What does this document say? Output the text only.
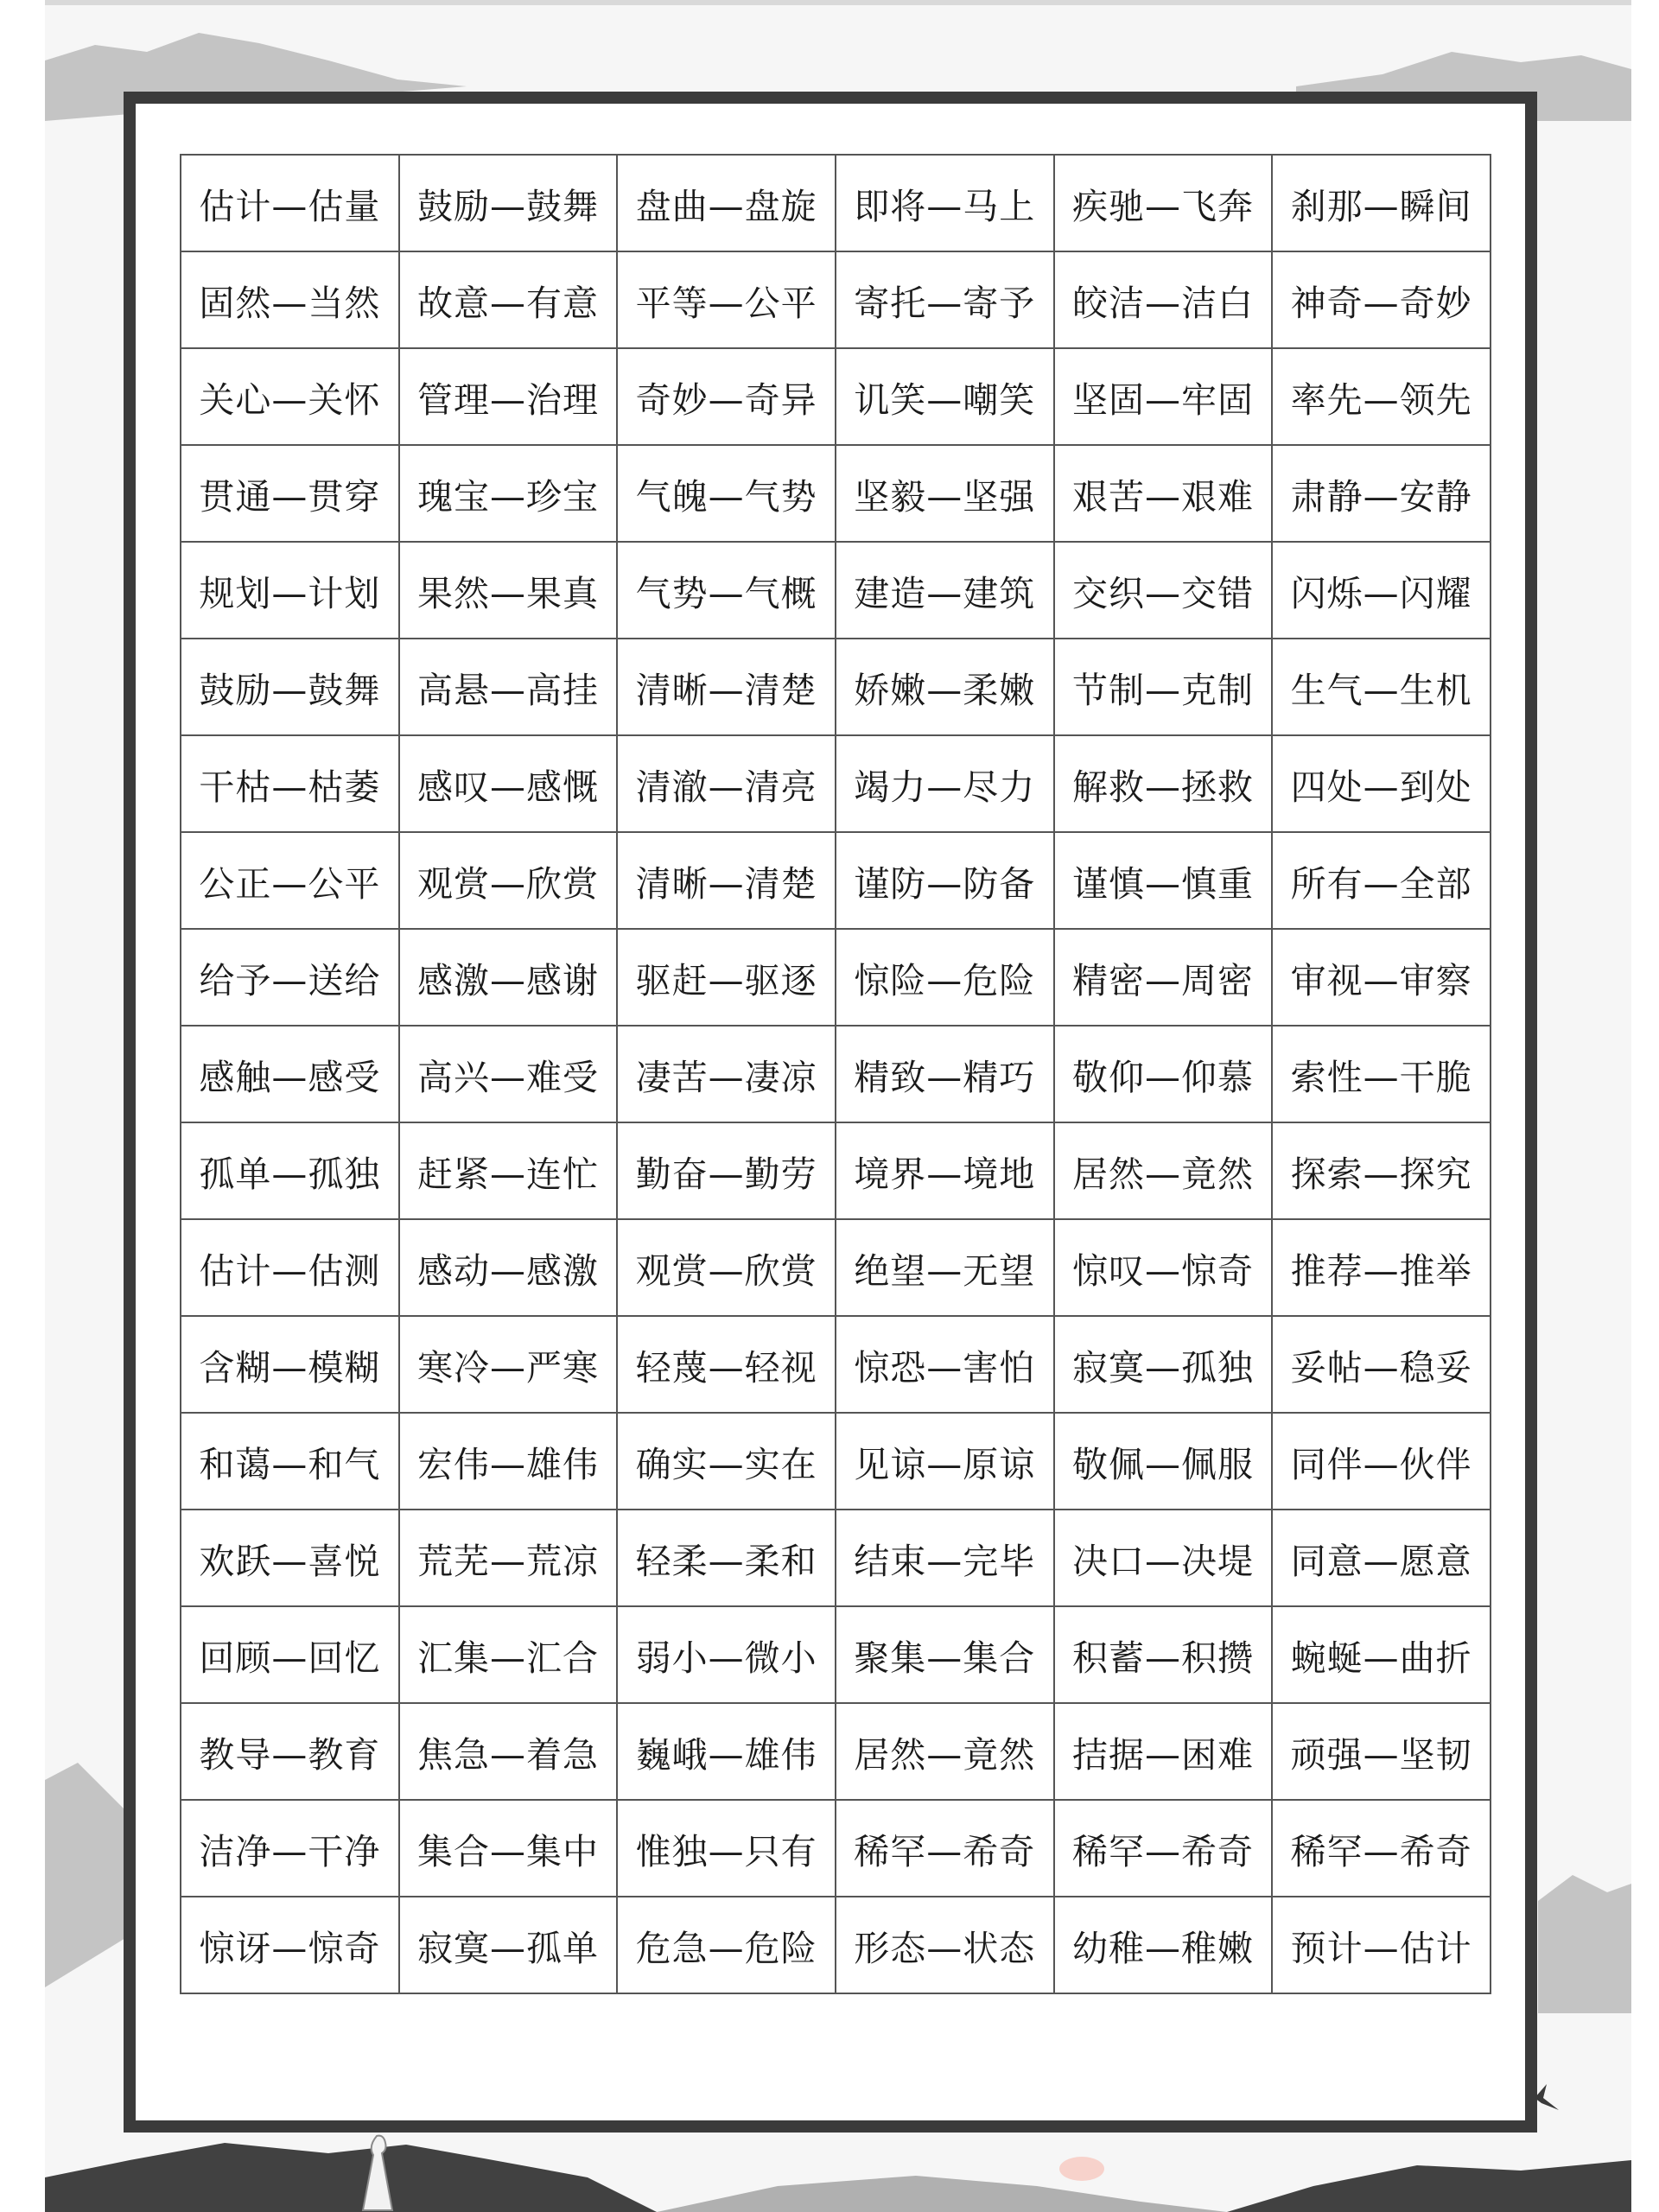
估计—估量	鼓励—鼓舞	盘曲—盘旋	即将—马上	疾驰—飞奔	刹那—瞬间
固然—当然	故意—有意	平等—公平	寄托—寄予	皎洁—洁白	神奇—奇妙
关心—关怀	管理—治理	奇妙—奇异	讥笑—嘲笑	坚固—牢固	率先—领先
贯通—贯穿	瑰宝—珍宝	气魄—气势	坚毅—坚强	艰苦—艰难	肃静—安静
规划—计划	果然—果真	气势—气概	建造—建筑	交织—交错	闪烁—闪耀
鼓励—鼓舞	高悬—高挂	清晰—清楚	娇嫩—柔嫩	节制—克制	生气—生机
干枯—枯萎	感叹—感慨	清澈—清亮	竭力—尽力	解救—拯救	四处—到处
公正—公平	观赏—欣赏	清晰—清楚	谨防—防备	谨慎—慎重	所有—全部
给予—送给	感激—感谢	驱赶—驱逐	惊险—危险	精密—周密	审视—审察
感触—感受	高兴—难受	凄苦—凄凉	精致—精巧	敬仰—仰慕	索性—干脆
孤单—孤独	赶紧—连忙	勤奋—勤劳	境界—境地	居然—竟然	探索—探究
估计—估测	感动—感激	观赏—欣赏	绝望—无望	惊叹—惊奇	推荐—推举
含糊—模糊	寒冷—严寒	轻蔑—轻视	惊恐—害怕	寂寞—孤独	妥帖—稳妥
和蔼—和气	宏伟—雄伟	确实—实在	见谅—原谅	敬佩—佩服	同伴—伙伴
欢跃—喜悦	荒芜—荒凉	轻柔—柔和	结束—完毕	决口—决堤	同意—愿意
回顾—回忆	汇集—汇合	弱小—微小	聚集—集合	积蓄—积攒	蜿蜒—曲折
教导—教育	焦急—着急	巍峨—雄伟	居然—竟然	拮据—困难	顽强—坚韧
洁净—干净	集合—集中	惟独—只有	稀罕—希奇	稀罕—希奇	稀罕—希奇
惊讶—惊奇	寂寞—孤单	危急—危险	形态—状态	幼稚—稚嫩	预计—估计
